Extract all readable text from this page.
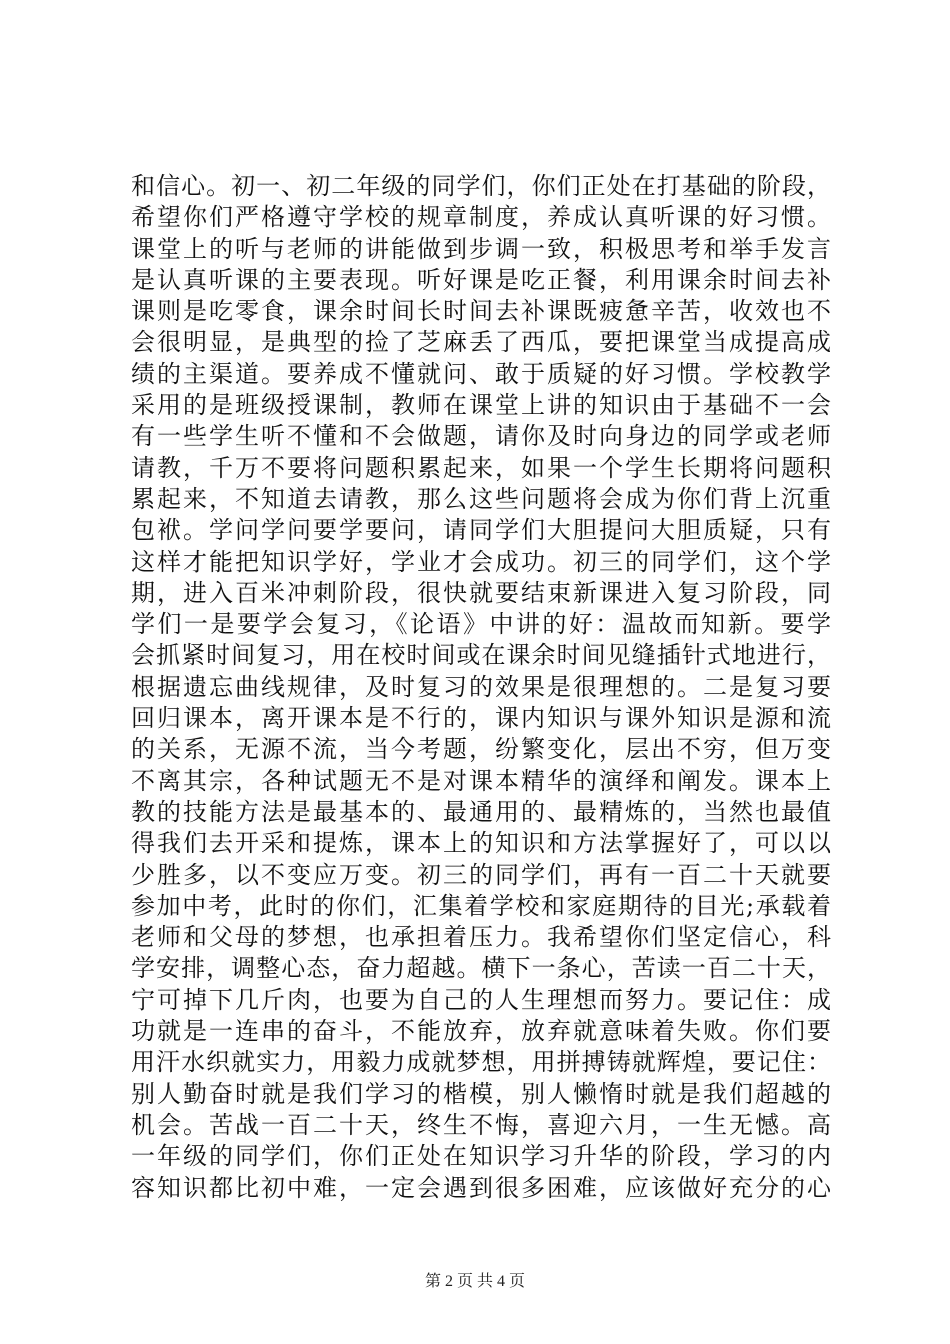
和信心。初一、初二年级的同学们，你们正处在打基础的阶段，
希望你们严格遵守学校的规章制度，养成认真听课的好习惯。
课堂上的听与老师的讲能做到步调一致，积极思考和举手发言
是认真听课的主要表现。听好课是吃正餐，利用课余时间去补
课则是吃零食，课余时间长时间去补课既疲惫辛苦，收效也不
会很明显，是典型的捡了芝麻丢了西瓜，要把课堂当成提高成
绩的主渠道。要养成不懂就问、敢于质疑的好习惯。学校教学
采用的是班级授课制，教师在课堂上讲的知识由于基础不一会
有一些学生听不懂和不会做题，请你及时向身边的同学或老师
请教，千万不要将问题积累起来，如果一个学生长期将问题积
累起来，不知道去请教，那么这些问题将会成为你们背上沉重
包袱。学问学问要学要问，请同学们大胆提问大胆质疑，只有
这样才能把知识学好，学业才会成功。初三的同学们，这个学
期，进入百米冲刺阶段，很快就要结束新课进入复习阶段，同
学们一是要学会复习，《论语》中讲的好：温故而知新。要学
会抓紧时间复习，用在校时间或在课余时间见缝插针式地进行，
根据遗忘曲线规律，及时复习的效果是很理想的。二是复习要
回归课本，离开课本是不行的，课内知识与课外知识是源和流
的关系，无源不流，当今考题，纷繁变化，层出不穷，但万变
不离其宗，各种试题无不是对课本精华的演绎和阐发。课本上
教的技能方法是最基本的、最通用的、最精炼的，当然也最值
得我们去开采和提炼，课本上的知识和方法掌握好了，可以以
少胜多，以不变应万变。初三的同学们，再有一百二十天就要
参加中考，此时的你们，汇集着学校和家庭期待的目光;承载着
老师和父母的梦想，也承担着压力。我希望你们坚定信心，科
学安排，调整心态，奋力超越。横下一条心，苦读一百二十天，
宁可掉下几斤肉，也要为自己的人生理想而努力。要记住：成
功就是一连串的奋斗，不能放弃，放弃就意味着失败。你们要
用汗水织就实力，用毅力成就梦想，用拼搏铸就辉煌，要记住：
别人勤奋时就是我们学习的楷模，别人懒惰时就是我们超越的
机会。苦战一百二十天，终生不悔，喜迎六月，一生无憾。高
一年级的同学们，你们正处在知识学习升华的阶段，学习的内
容知识都比初中难，一定会遇到很多困难，应该做好充分的心
第 2 页 共 4 页
